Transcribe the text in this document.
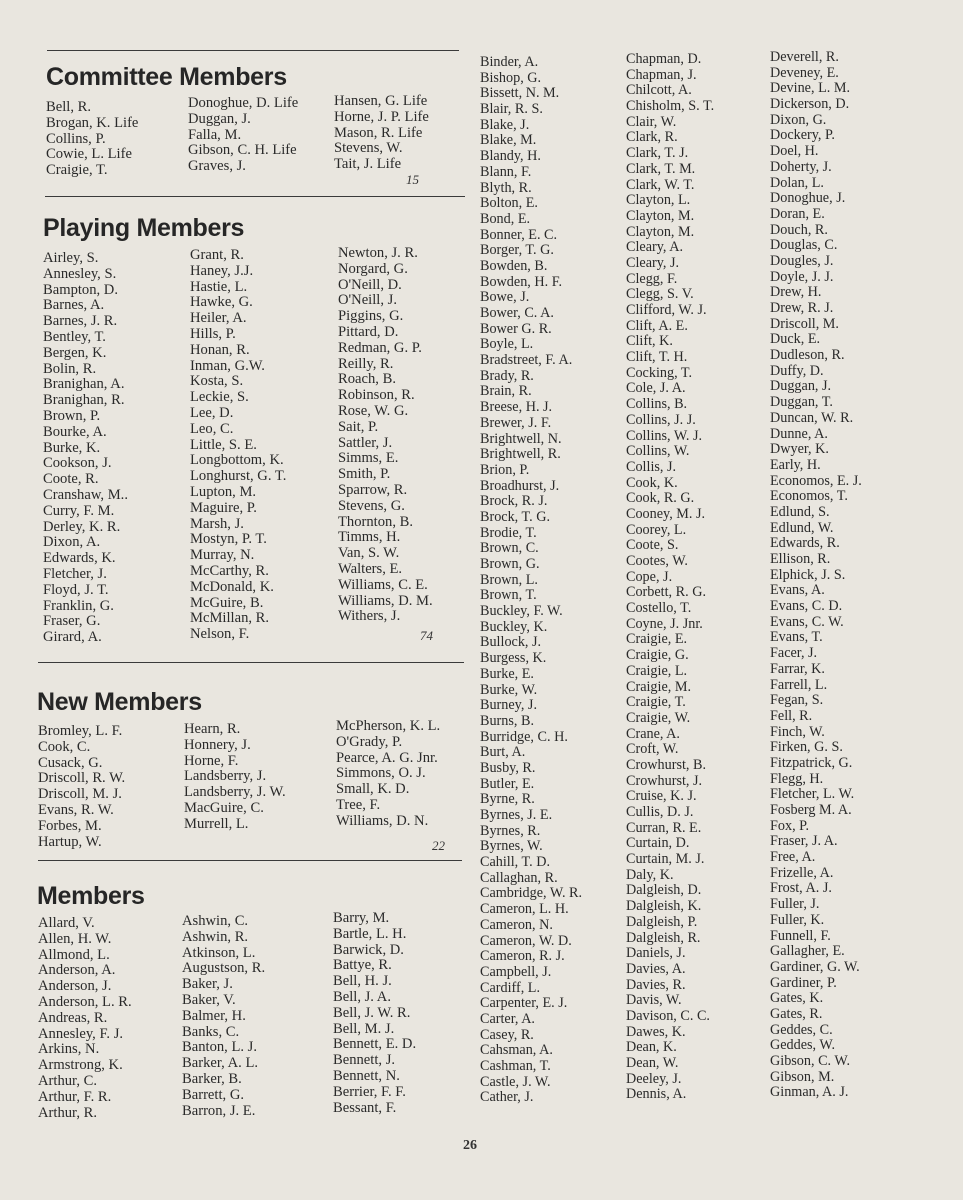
Committee Members
Bell, R.
Brogan, K. Life
Collins, P.
Cowie, L. Life
Craigie, T.
Donoghue, D. Life
Duggan, J.
Falla, M.
Gibson, C. H. Life
Graves, J.
Hansen, G. Life
Horne, J. P. Life
Mason, R. Life
Stevens, W.
Tait, J. Life
15
Playing Members
Airley, S.
Annesley, S.
Bampton, D.
Barnes, A.
Barnes, J. R.
Bentley, T.
Bergen, K.
Bolin, R.
Branighan, A.
Branighan, R.
Brown, P.
Bourke, A.
Burke, K.
Cookson, J.
Coote, R.
Cranshaw, M..
Curry, F. M.
Derley, K. R.
Dixon, A.
Edwards, K.
Fletcher, J.
Floyd, J. T.
Franklin, G.
Fraser, G.
Girard, A.
Grant, R.
Haney, J.J.
Hastie, L.
Hawke, G.
Heiler, A.
Hills, P.
Honan, R.
Inman, G.W.
Kosta, S.
Leckie, S.
Lee, D.
Leo, C.
Little, S. E.
Longbottom, K.
Longhurst, G. T.
Lupton, M.
Maguire, P.
Marsh, J.
Mostyn, P. T.
Murray, N.
McCarthy, R.
McDonald, K.
McGuire, B.
McMillan, R.
Nelson, F.
Newton, J. R.
Norgard, G.
O'Neill, D.
O'Neill, J.
Piggins, G.
Pittard, D.
Redman, G. P.
Reilly, R.
Roach, B.
Robinson, R.
Rose, W. G.
Sait, P.
Sattler, J.
Simms, E.
Smith, P.
Sparrow, R.
Stevens, G.
Thornton, B.
Timms, H.
Van, S. W.
Walters, E.
Williams, C. E.
Williams, D. M.
Withers, J.
74
New Members
Bromley, L. F.
Cook, C.
Cusack, G.
Driscoll, R. W.
Driscoll, M. J.
Evans, R. W.
Forbes, M.
Hartup, W.
Hearn, R.
Honnery, J.
Horne, F.
Landsberry, J.
Landsberry, J. W.
MacGuire, C.
Murrell, L.
McPherson, K. L.
O'Grady, P.
Pearce, A. G. Jnr.
Simmons, O. J.
Small, K. D.
Tree, F.
Williams, D. N.
22
Members
Allard, V.
Allen, H. W.
Allmond, L.
Anderson, A.
Anderson, J.
Anderson, L. R.
Andreas, R.
Annesley, F. J.
Arkins, N.
Armstrong, K.
Arthur, C.
Arthur, F. R.
Arthur, R.
Ashwin, C.
Ashwin, R.
Atkinson, L.
Augustson, R.
Baker, J.
Baker, V.
Balmer, H.
Banks, C.
Banton, L. J.
Barker, A. L.
Barker, B.
Barrett, G.
Barron, J. E.
Barry, M.
Bartle, L. H.
Barwick, D.
Battye, R.
Bell, H. J.
Bell, J. A.
Bell, J. W. R.
Bell, M. J.
Bennett, E. D.
Bennett, J.
Bennett, N.
Berrier, F. F.
Bessant, F.
Binder, A.
Bishop, G.
Bissett, N. M.
Blair, R. S.
Blake, J.
Blake, M.
Blandy, H.
Blann, F.
Blyth, R.
Bolton, E.
Bond, E.
Bonner, E. C.
Borger, T. G.
Bowden, B.
Bowden, H. F.
Bowe, J.
Bower, C. A.
Bower G. R.
Boyle, L.
Bradstreet, F. A.
Brady, R.
Brain, R.
Breese, H. J.
Brewer, J. F.
Brightwell, N.
Brightwell, R.
Brion, P.
Broadhurst, J.
Brock, R. J.
Brock, T. G.
Brodie, T.
Brown, C.
Brown, G.
Brown, L.
Brown, T.
Buckley, F. W.
Buckley, K.
Bullock, J.
Burgess, K.
Burke, E.
Burke, W.
Burney, J.
Burns, B.
Burridge, C. H.
Burt, A.
Busby, R.
Butler, E.
Byrne, R.
Byrnes, J. E.
Byrnes, R.
Byrnes, W.
Cahill, T. D.
Callaghan, R.
Cambridge, W. R.
Cameron, L. H.
Cameron, N.
Cameron, W. D.
Cameron, R. J.
Campbell, J.
Cardiff, L.
Carpenter, E. J.
Carter, A.
Casey, R.
Cahsman, A.
Cashman, T.
Castle, J. W.
Cather, J.
Chapman, D.
Chapman, J.
Chilcott, A.
Chisholm, S. T.
Clair, W.
Clark, R.
Clark, T. J.
Clark, T. M.
Clark, W. T.
Clayton, L.
Clayton, M.
Clayton, M.
Cleary, A.
Cleary, J.
Clegg, F.
Clegg, S. V.
Clifford, W. J.
Clift, A. E.
Clift, K.
Clift, T. H.
Cocking, T.
Cole, J. A.
Collins, B.
Collins, J. J.
Collins, W. J.
Collins, W.
Collis, J.
Cook, K.
Cook, R. G.
Cooney, M. J.
Coorey, L.
Coote, S.
Cootes, W.
Cope, J.
Corbett, R. G.
Costello, T.
Coyne, J. Jnr.
Craigie, E.
Craigie, G.
Craigie, L.
Craigie, M.
Craigie, T.
Craigie, W.
Crane, A.
Croft, W.
Crowhurst, B.
Crowhurst, J.
Cruise, K. J.
Cullis, D. J.
Curran, R. E.
Curtain, D.
Curtain, M. J.
Daly, K.
Dalgleish, D.
Dalgleish, K.
Dalgleish, P.
Dalgleish, R.
Daniels, J.
Davies, A.
Davies, R.
Davis, W.
Davison, C. C.
Dawes, K.
Dean, K.
Dean, W.
Deeley, J.
Dennis, A.
Deverell, R.
Deveney, E.
Devine, L. M.
Dickerson, D.
Dixon, G.
Dockery, P.
Doel, H.
Doherty, J.
Dolan, L.
Donoghue, J.
Doran, E.
Douch, R.
Douglas, C.
Dougles, J.
Doyle, J. J.
Drew, H.
Drew, R. J.
Driscoll, M.
Duck, E.
Dudleson, R.
Duffy, D.
Duggan, J.
Duggan, T.
Duncan, W. R.
Dunne, A.
Dwyer, K.
Early, H.
Economos, E. J.
Economos, T.
Edlund, S.
Edlund, W.
Edwards, R.
Ellison, R.
Elphick, J. S.
Evans, A.
Evans, C. D.
Evans, C. W.
Evans, T.
Facer, J.
Farrar, K.
Farrell, L.
Fegan, S.
Fell, R.
Finch, W.
Firken, G. S.
Fitzpatrick, G.
Flegg, H.
Fletcher, L. W.
Fosberg M. A.
Fox, P.
Fraser, J. A.
Free, A.
Frizelle, A.
Frost, A. J.
Fuller, J.
Fuller, K.
Funnell, F.
Gallagher, E.
Gardiner, G. W.
Gardiner, P.
Gates, K.
Gates, R.
Geddes, C.
Geddes, W.
Gibson, C. W.
Gibson, M.
Ginman, A. J.
26
